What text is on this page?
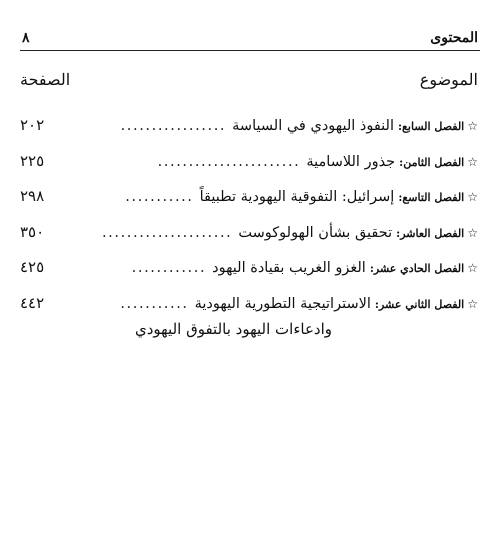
٨	المحتوى
الصفحة	الموضوع
☆
الفصل السابع:
النفوذ اليهودي في السياسة
.................
٢٠٢
☆
الفصل الثامن:
جذور اللاسامية
.......................
٢٢٥
☆
الفصل التاسع:
إسرائيل: التفوقية اليهودية تطبيقاً
...........
٢٩٨
☆
الفصل العاشر:
تحقيق بشأن الهولوكوست
.....................
٣٥٠
☆
الفصل الحادي عشر:
الغزو الغريب بقيادة اليهود
............
٤٢٥
☆
الفصل الثاني عشر:
الاستراتيجية التطورية اليهودية
...........
٤٤٢
وادعاءات اليهود بالتفوق اليهودي
